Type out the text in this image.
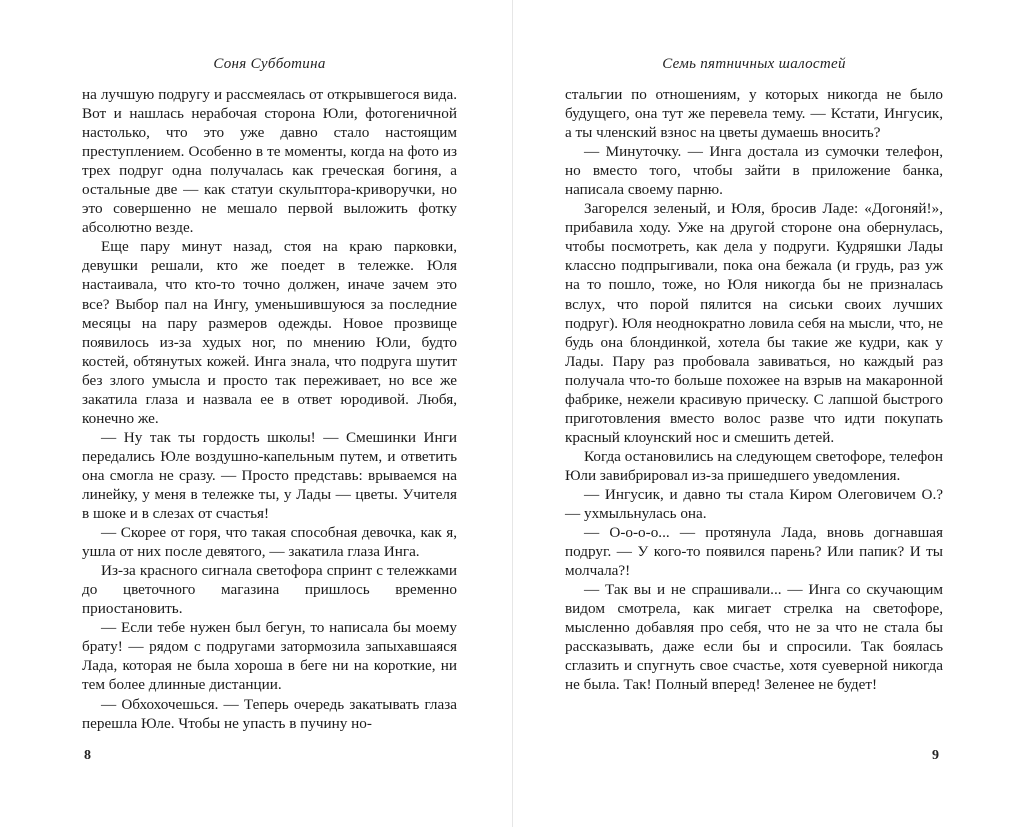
Соня Субботина

на лучшую подругу и рассмеялась от открывшегося вида. Вот и нашлась нерабочая сторона Юли, фотогеничной настолько, что это уже давно стало настоящим преступлением. Особенно в те моменты, когда на фото из трех подруг одна получалась как греческая богиня, а остальные две — как статуи скульптора-криворучки, но это совершенно не мешало первой выложить фотку абсолютно везде.

Еще пару минут назад, стоя на краю парковки, девушки решали, кто же поедет в тележке. Юля настаивала, что кто-то точно должен, иначе зачем это все? Выбор пал на Ингу, уменьшившуюся за последние месяцы на пару размеров одежды. Новое прозвище появилось из-за худых ног, по мнению Юли, будто костей, обтянутых кожей. Инга знала, что подруга шутит без злого умысла и просто так переживает, но все же закатила глаза и назвала ее в ответ юродивой. Любя, конечно же.

— Ну так ты гордость школы! — Смешинки Инги передались Юле воздушно-капельным путем, и ответить она смогла не сразу. — Просто представь: врываемся на линейку, у меня в тележке ты, у Лады — цветы. Учителя в шоке и в слезах от счастья!

— Скорее от горя, что такая способная девочка, как я, ушла от них после девятого, — закатила глаза Инга.

Из-за красного сигнала светофора спринт с тележками до цветочного магазина пришлось временно приостановить.

— Если тебе нужен был бегун, то написала бы моему брату! — рядом с подругами затормозила запыхавшаяся Лада, которая не была хороша в беге ни на короткие, ни тем более длинные дистанции.

— Обхохочешься. — Теперь очередь закатывать глаза перешла Юле. Чтобы не упасть в пучину но-

8
Семь пятничных шалостей

стальгии по отношениям, у которых никогда не было будущего, она тут же перевела тему. — Кстати, Ингусик, а ты членский взнос на цветы думаешь вносить?

— Минуточку. — Инга достала из сумочки телефон, но вместо того, чтобы зайти в приложение банка, написала своему парню.

Загорелся зеленый, и Юля, бросив Ладе: «Догоняй!», прибавила ходу. Уже на другой стороне она обернулась, чтобы посмотреть, как дела у подруги. Кудряшки Лады классно подпрыгивали, пока она бежала (и грудь, раз уж на то пошло, тоже, но Юля никогда бы не призналась вслух, что порой пялится на сиськи своих лучших подруг). Юля неоднократно ловила себя на мысли, что, не будь она блондинкой, хотела бы такие же кудри, как у Лады. Пару раз пробовала завиваться, но каждый раз получала что-то больше похожее на взрыв на макаронной фабрике, нежели красивую прическу. С лапшой быстрого приготовления вместо волос разве что идти покупать красный клоунский нос и смешить детей.

Когда остановились на следующем светофоре, телефон Юли завибрировал из-за пришедшего уведомления.

— Ингусик, и давно ты стала Киром Олеговичем О.? — ухмыльнулась она.

— О-о-о-о... — протянула Лада, вновь догнавшая подруг. — У кого-то появился парень? Или папик? И ты молчала?!

— Так вы и не спрашивали... — Инга со скучающим видом смотрела, как мигает стрелка на светофоре, мысленно добавляя про себя, что не за что не стала бы рассказывать, даже если бы и спросили. Так боялась сглазить и спугнуть свое счастье, хотя суеверной никогда не была. Так! Полный вперед! Зеленее не будет!

9
